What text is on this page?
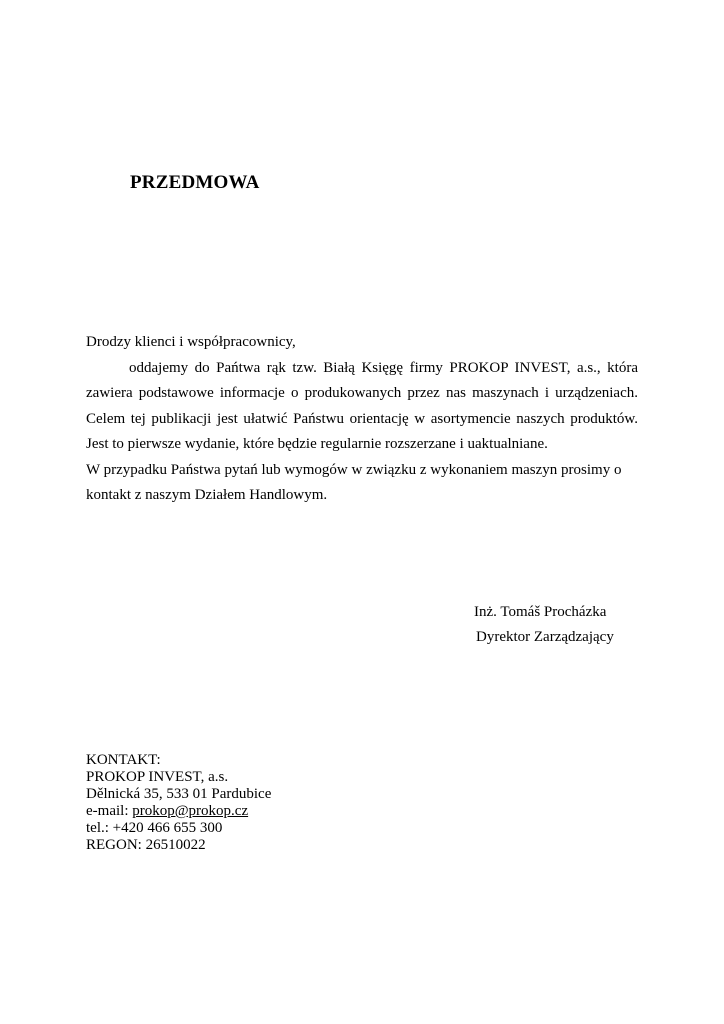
PRZEDMOWA

Drodzy klienci i współpracownicy,

oddajemy do Pańtwa rąk tzw. Białą Księgę firmy PROKOP INVEST, a.s., która zawiera podstawowe informacje o produkowanych przez nas maszynach i urządzeniach. Celem tej publikacji jest ułatwić Państwu orientację w asortymencie naszych produktów. Jest to pierwsze wydanie, które będzie regularnie rozszerzane i uaktualniane.

W przypadku Państwa pytań lub wymogów w związku z wykonaniem maszyn prosimy o

kontakt z naszym Działem Handlowym.

Inż. Tomáš Procházka
Dyrektor Zarządzający
KONTAKT:
PROKOP INVEST, a.s.
Dělnická 35, 533 01 Pardubice
e-mail: prokop@prokop.cz
tel.: +420 466 655 300
REGON: 26510022
